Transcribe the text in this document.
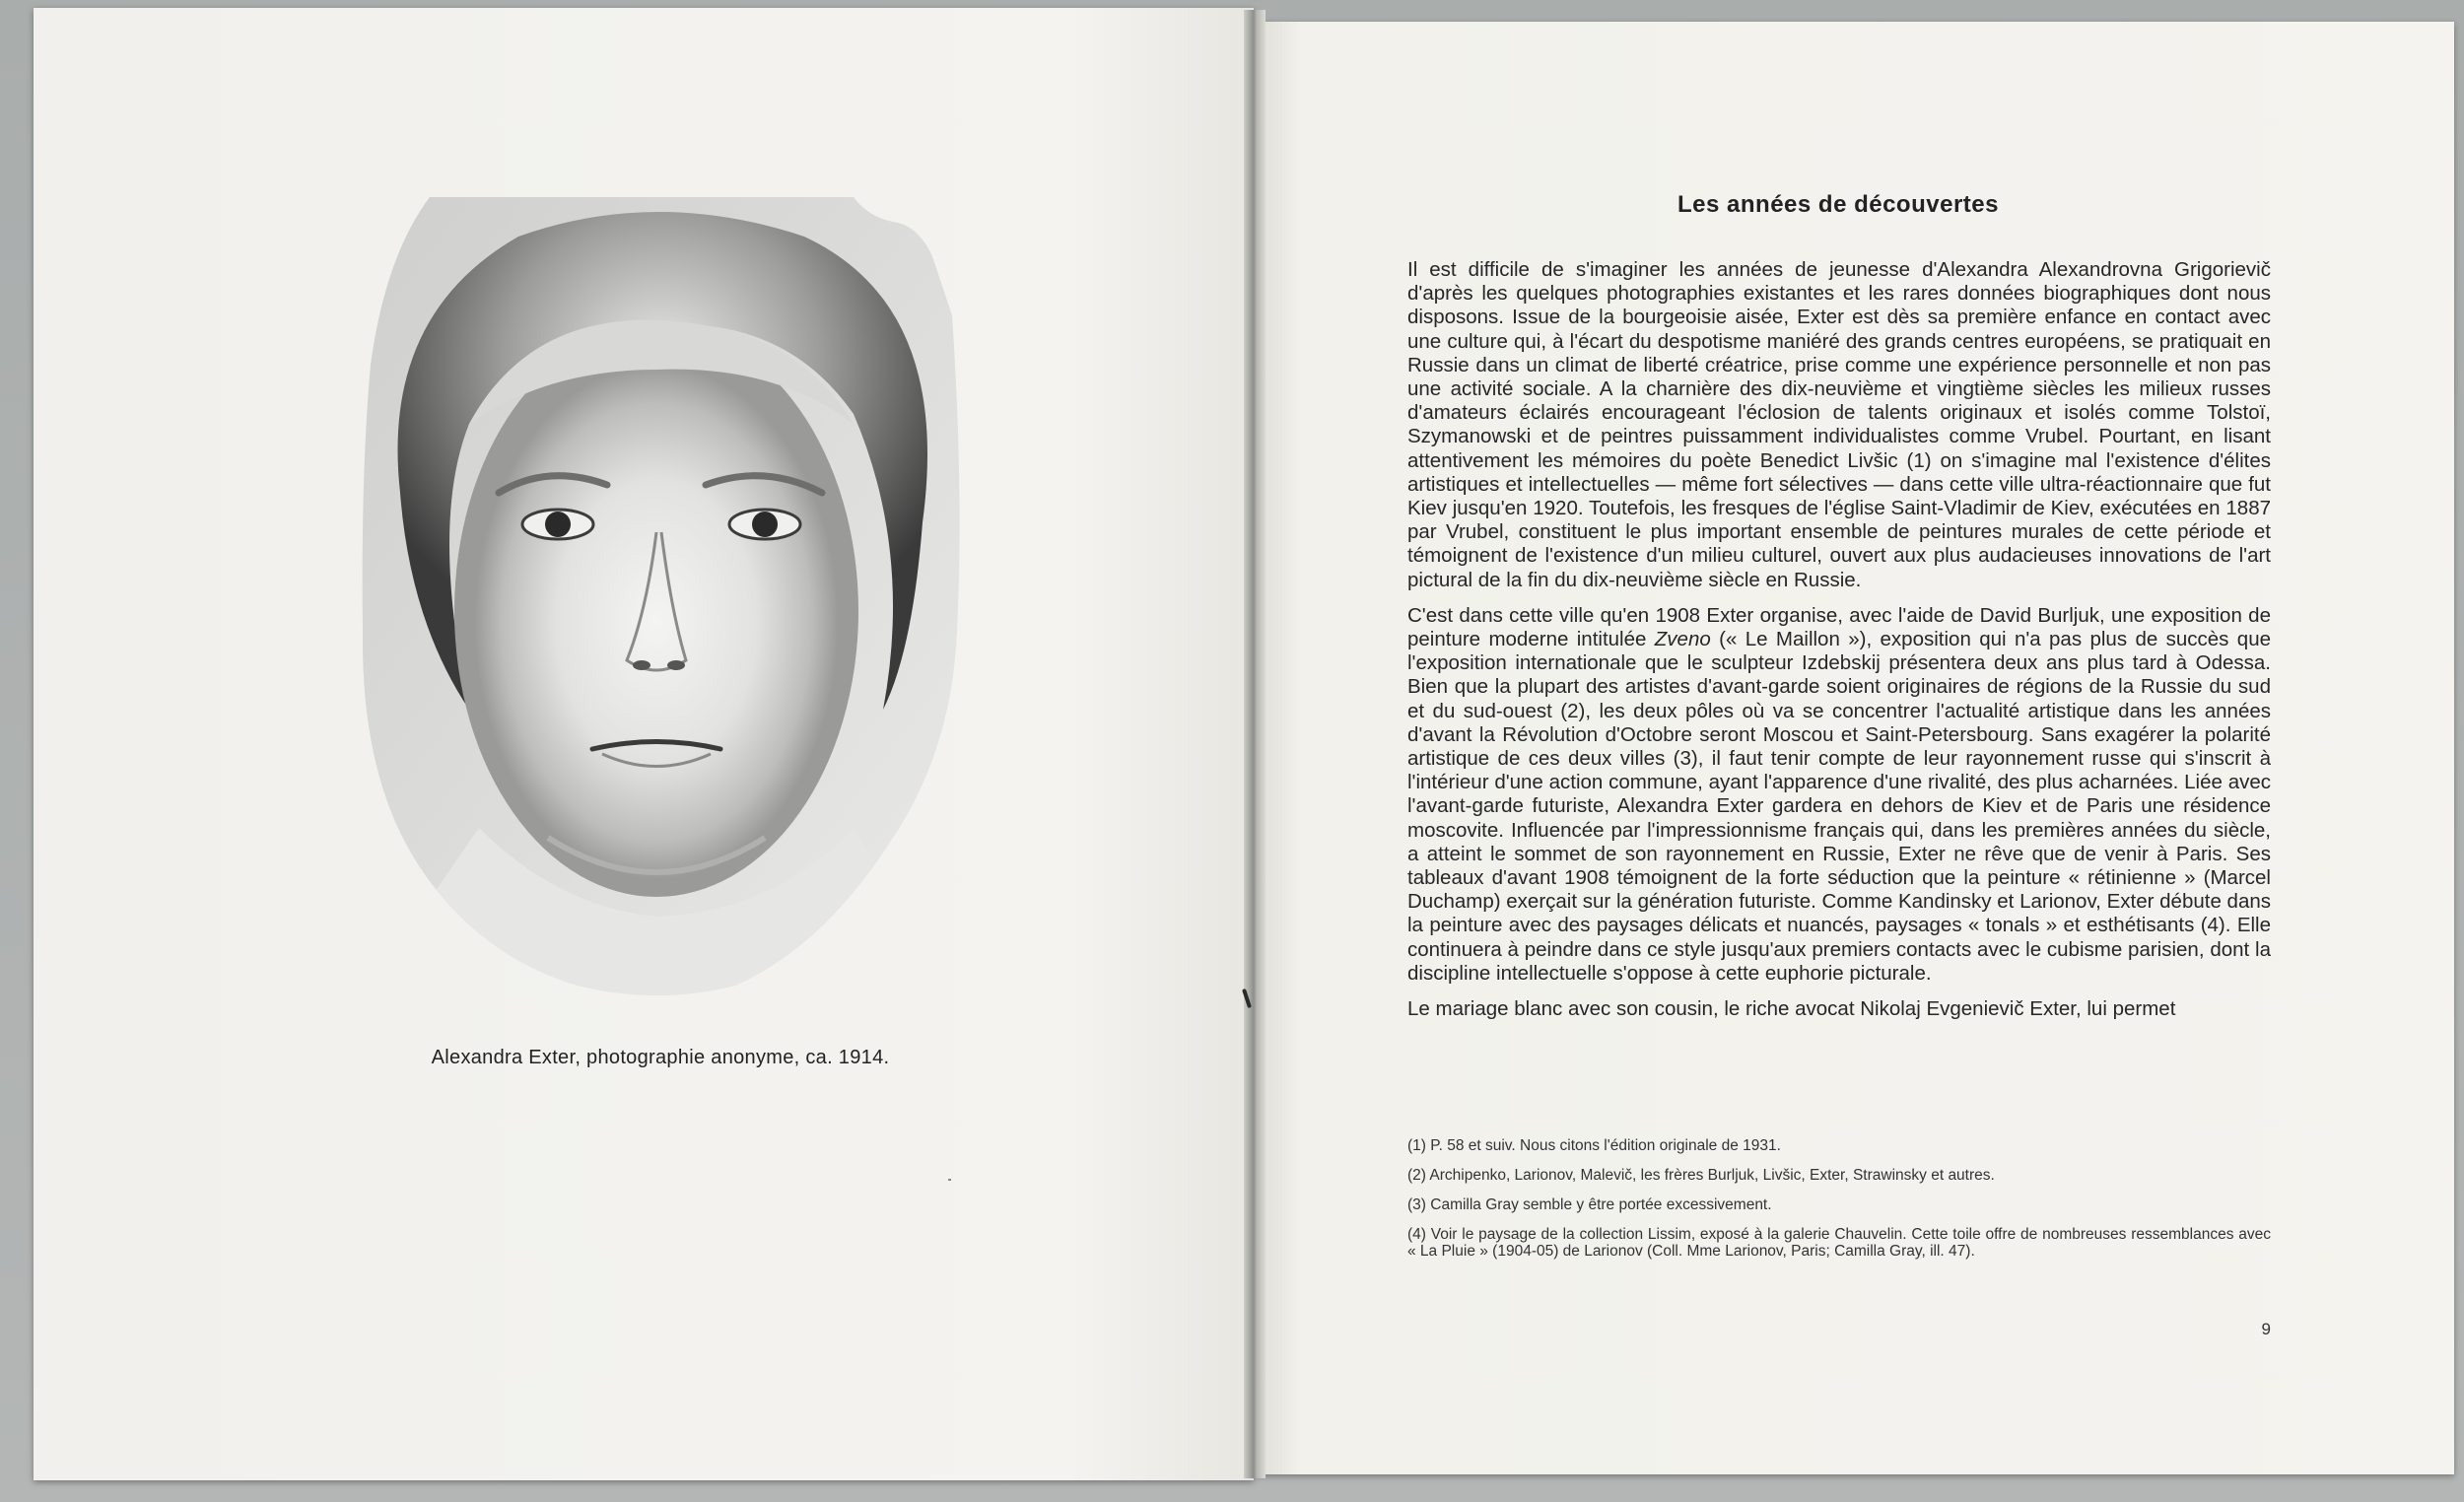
Alexandra Exter, photographie anonyme, ca. 1914.
Les années de découvertes

Il est difficile de s'imaginer les années de jeunesse d'Alexandra Alexandrovna Grigorievič d'après les quelques photographies existantes et les rares données biographiques dont nous disposons. Issue de la bourgeoisie aisée, Exter est dès sa première enfance en contact avec une culture qui, à l'écart du despotisme maniéré des grands centres européens, se pratiquait en Russie dans un climat de liberté créatrice, prise comme une expérience personnelle et non pas une activité sociale. A la charnière des dix-neuvième et vingtième siècles les milieux russes d'amateurs éclairés encourageant l'éclosion de talents originaux et isolés comme Tolstoï, Szymanowski et de peintres puissamment individualistes comme Vrubel. Pourtant, en lisant attentivement les mémoires du poète Benedict Livšic (1) on s'imagine mal l'existence d'élites artistiques et intellectuelles — même fort sélectives — dans cette ville ultra-réactionnaire que fut Kiev jusqu'en 1920. Toutefois, les fresques de l'église Saint-Vladimir de Kiev, exécutées en 1887 par Vrubel, constituent le plus important ensemble de peintures murales de cette période et témoignent de l'existence d'un milieu culturel, ouvert aux plus audacieuses innovations de l'art pictural de la fin du dix-neuvième siècle en Russie.

C'est dans cette ville qu'en 1908 Exter organise, avec l'aide de David Burljuk, une exposition de peinture moderne intitulée Zveno (« Le Maillon »), exposition qui n'a pas plus de succès que l'exposition internationale que le sculpteur Izdebskij présentera deux ans plus tard à Odessa. Bien que la plupart des artistes d'avant-garde soient originaires de régions de la Russie du sud et du sud-ouest (2), les deux pôles où va se concentrer l'actualité artistique dans les années d'avant la Révolution d'Octobre seront Moscou et Saint-Petersbourg. Sans exagérer la polarité artistique de ces deux villes (3), il faut tenir compte de leur rayonnement russe qui s'inscrit à l'intérieur d'une action commune, ayant l'apparence d'une rivalité, des plus acharnées. Liée avec l'avant-garde futuriste, Alexandra Exter gardera en dehors de Kiev et de Paris une résidence moscovite. Influencée par l'impressionnisme français qui, dans les premières années du siècle, a atteint le sommet de son rayonnement en Russie, Exter ne rêve que de venir à Paris. Ses tableaux d'avant 1908 témoignent de la forte séduction que la peinture « rétinienne » (Marcel Duchamp) exerçait sur la génération futuriste. Comme Kandinsky et Larionov, Exter débute dans la peinture avec des paysages délicats et nuancés, paysages « tonals » et esthétisants (4). Elle continuera à peindre dans ce style jusqu'aux premiers contacts avec le cubisme parisien, dont la discipline intellectuelle s'oppose à cette euphorie picturale.

Le mariage blanc avec son cousin, le riche avocat Nikolaj Evgenievič Exter, lui permet

(1) P. 58 et suiv. Nous citons l'édition originale de 1931.

(2) Archipenko, Larionov, Malevič, les frères Burljuk, Livšic, Exter, Strawinsky et autres.

(3) Camilla Gray semble y être portée excessivement.

(4) Voir le paysage de la collection Lissim, exposé à la galerie Chauvelin. Cette toile offre de nombreuses ressemblances avec « La Pluie » (1904-05) de Larionov (Coll. Mme Larionov, Paris; Camilla Gray, ill. 47).

9
